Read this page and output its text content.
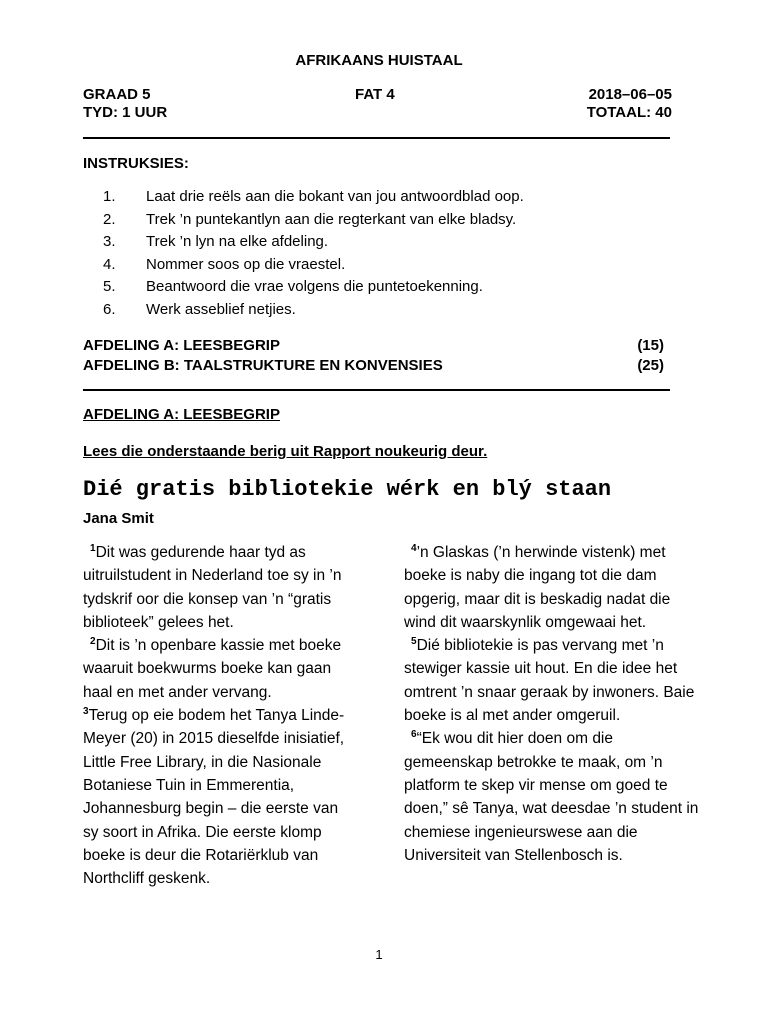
AFRIKAANS HUISTAAL
GRAAD 5	FAT 4	2018–06–05
TYD: 1 UUR	TOTAAL: 40
INSTRUKSIES:
1. Laat drie reëls aan die bokant van jou antwoordblad oop.
2. Trek ’n puntekantlyn aan die regterkant van elke bladsy.
3. Trek ’n lyn na elke afdeling.
4. Nommer soos op die vraestel.
5. Beantwoord die vrae volgens die puntetoekenning.
6. Werk asseblief netjies.
AFDELING A: LEESBEGRIP	(15)
AFDELING B: TAALSTRUKTURE EN KONVENSIES	(25)
AFDELING A: LEESBEGRIP
Lees die onderstaande berig uit Rapport noukeurig deur.
Dié gratis bibliotekie wérk en blý staan
Jana Smit

$^1$Dit was gedurende haar tyd as uitruilstudent in Nederland toe sy in ’n tydskrif oor die konsep van ’n “gratis biblioteek” gelees het.

$^2$Dit is ’n openbare kassie met boeke waaruit boekwurms boeke kan gaan haal en met ander vervang.

$^3$Terug op eie bodem het Tanya Linde-Meyer (20) in 2015 dieselfde inisiatief, Little Free Library, in die Nasionale Botaniese Tuin in Emmerentia, Johannesburg begin – die eerste van sy soort in Afrika. Die eerste klomp boeke is deur die Rotariërklub van Northcliff geskenk.

$^4$’n Glaskas (’n herwinde vistenk) met boeke is naby die ingang tot die dam opgerig, maar dit is beskadig nadat die wind dit waarskynlik omgewaai het.

$^5$Dié bibliotekie is pas vervang met ’n stewiger kassie uit hout. En die idee het omtrent ’n snaar geraak by inwoners. Baie boeke is al met ander omgeruil.

$^6$“Ek wou dit hier doen om die gemeenskap betrokke te maak, om ’n platform te skep vir mense om goed te doen,” sê Tanya, wat deesdae ’n student in chemiese ingenieurswese aan die Universiteit van Stellenbosch is.

1
